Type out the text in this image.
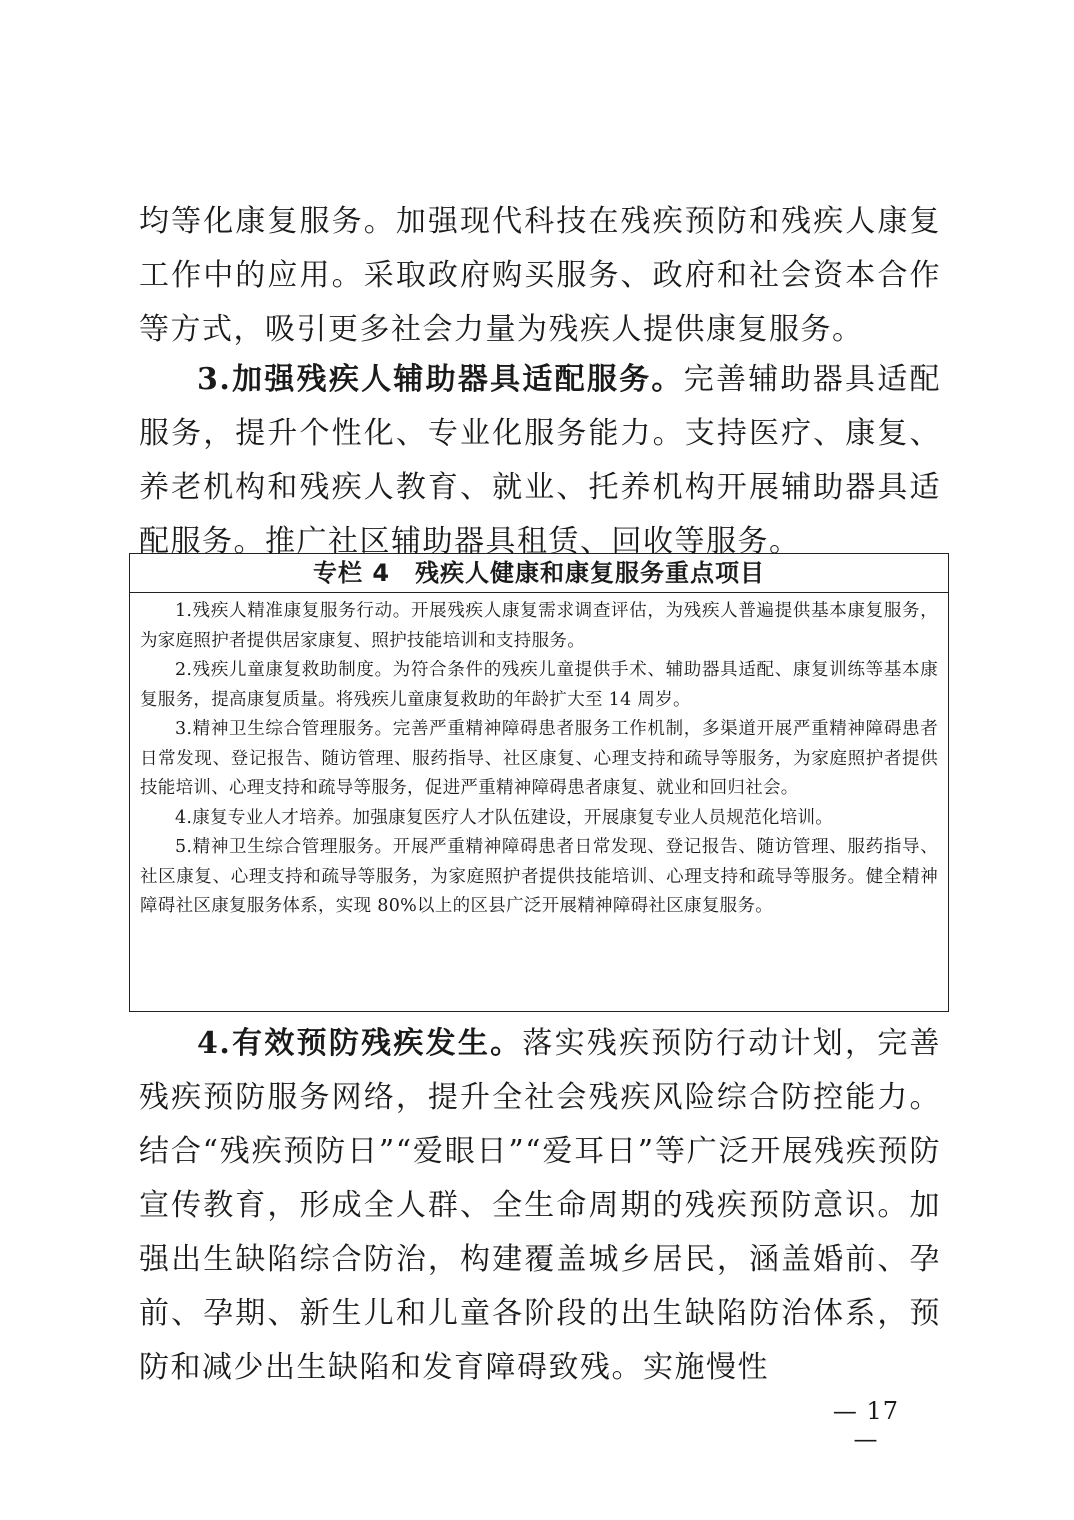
均等化康复服务。加强现代科技在残疾预防和残疾人康复工作中的应用。采取政府购买服务、政府和社会资本合作等方式，吸引更多社会力量为残疾人提供康复服务。

3.加强残疾人辅助器具适配服务。完善辅助器具适配服务，提升个性化、专业化服务能力。支持医疗、康复、养老机构和残疾人教育、就业、托养机构开展辅助器具适配服务。推广社区辅助器具租赁、回收等服务。

专栏 4　残疾人健康和康复服务重点项目

1.残疾人精准康复服务行动。开展残疾人康复需求调查评估，为残疾人普遍提供基本康复服务，为家庭照护者提供居家康复、照护技能培训和支持服务。

2.残疾儿童康复救助制度。为符合条件的残疾儿童提供手术、辅助器具适配、康复训练等基本康复服务，提高康复质量。将残疾儿童康复救助的年龄扩大至 14 周岁。

3.精神卫生综合管理服务。完善严重精神障碍患者服务工作机制，多渠道开展严重精神障碍患者日常发现、登记报告、随访管理、服药指导、社区康复、心理支持和疏导等服务，为家庭照护者提供技能培训、心理支持和疏导等服务，促进严重精神障碍患者康复、就业和回归社会。

4.康复专业人才培养。加强康复医疗人才队伍建设，开展康复专业人员规范化培训。

5.精神卫生综合管理服务。开展严重精神障碍患者日常发现、登记报告、随访管理、服药指导、社区康复、心理支持和疏导等服务，为家庭照护者提供技能培训、心理支持和疏导等服务。健全精神障碍社区康复服务体系，实现 80%以上的区县广泛开展精神障碍社区康复服务。

4.有效预防残疾发生。落实残疾预防行动计划，完善残疾预防服务网络，提升全社会残疾风险综合防控能力。结合“残疾预防日”“爱眼日”“爱耳日”等广泛开展残疾预防宣传教育，形成全人群、全生命周期的残疾预防意识。加强出生缺陷综合防治，构建覆盖城乡居民，涵盖婚前、孕前、孕期、新生儿和儿童各阶段的出生缺陷防治体系，预防和减少出生缺陷和发育障碍致残。实施慢性

— 17 —
